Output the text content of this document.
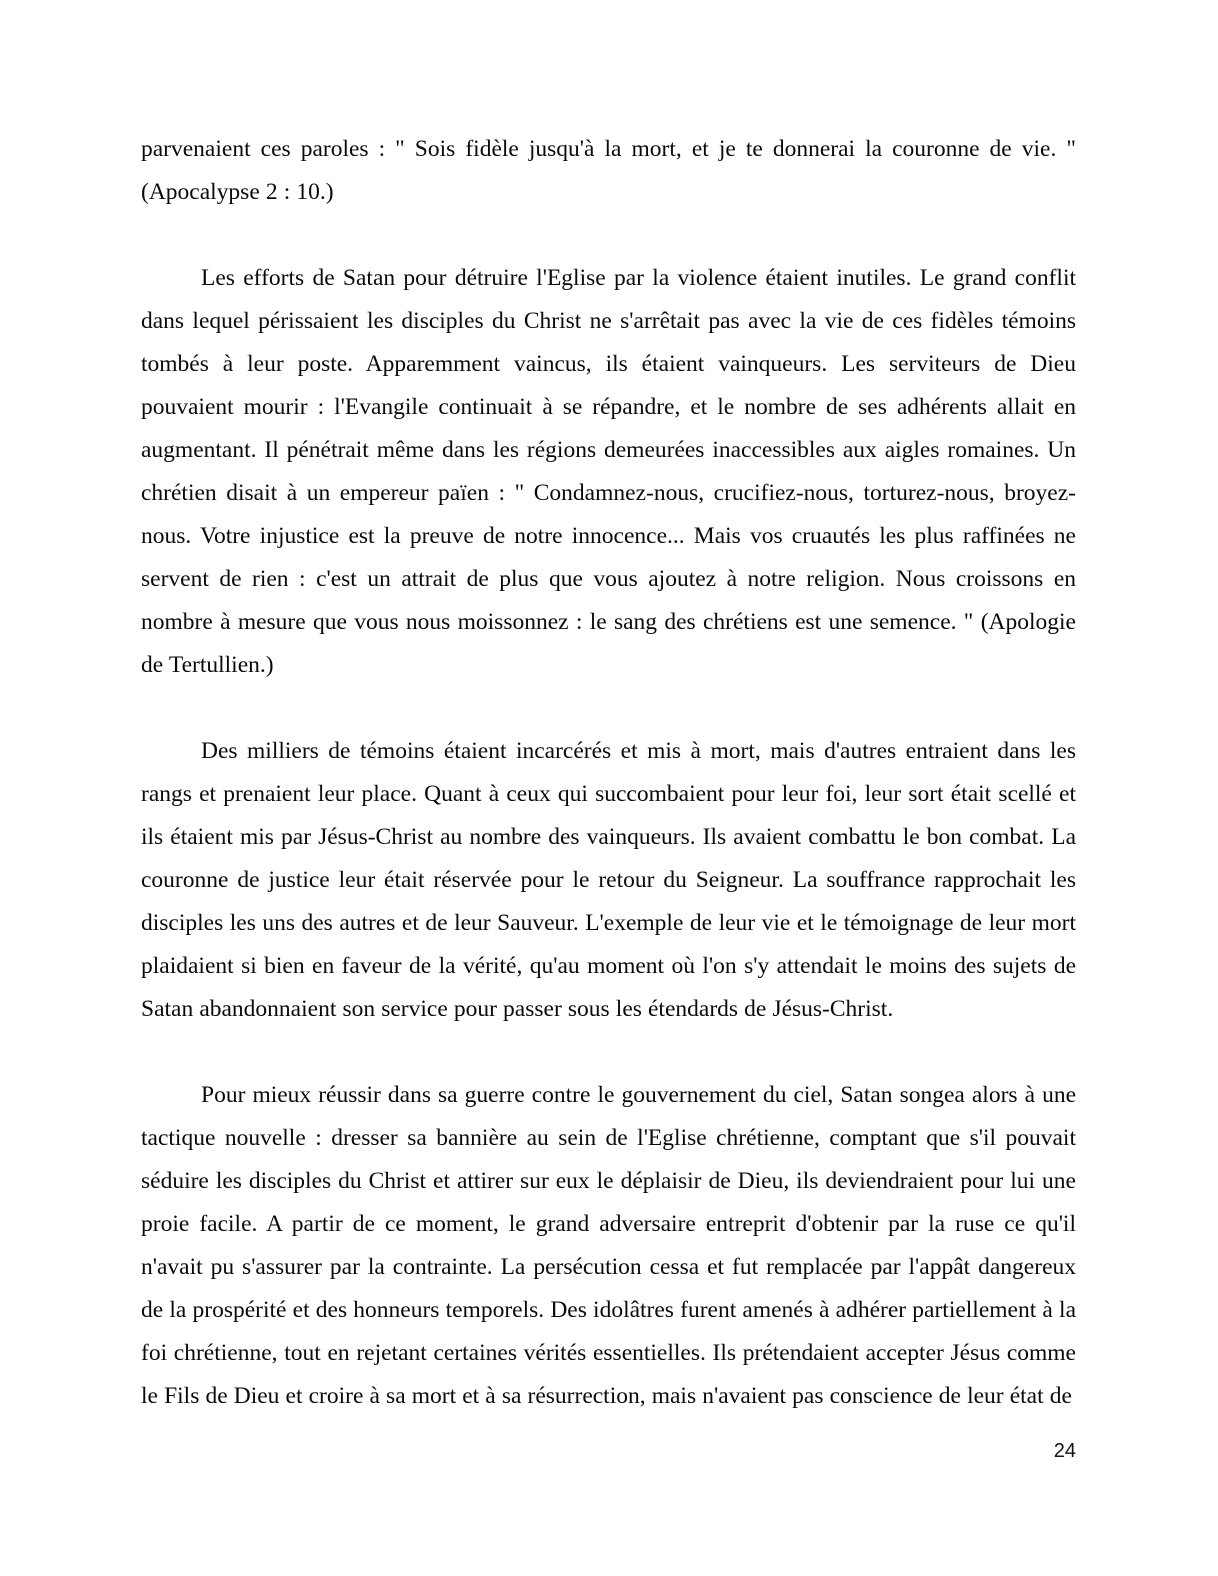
parvenaient ces paroles : " Sois fidèle jusqu'à la mort, et je te donnerai la couronne de vie. " (Apocalypse 2 : 10.)

Les efforts de Satan pour détruire l'Eglise par la violence étaient inutiles. Le grand conflit dans lequel périssaient les disciples du Christ ne s'arrêtait pas avec la vie de ces fidèles témoins tombés à leur poste. Apparemment vaincus, ils étaient vainqueurs. Les serviteurs de Dieu pouvaient mourir : l'Evangile continuait à se répandre, et le nombre de ses adhérents allait en augmentant. Il pénétrait même dans les régions demeurées inaccessibles aux aigles romaines. Un chrétien disait à un empereur païen : " Condamnez-nous, crucifiez-nous, torturez-nous, broyez-nous. Votre injustice est la preuve de notre innocence... Mais vos cruautés les plus raffinées ne servent de rien : c'est un attrait de plus que vous ajoutez à notre religion. Nous croissons en nombre à mesure que vous nous moissonnez : le sang des chrétiens est une semence. " (Apologie de Tertullien.)

Des milliers de témoins étaient incarcérés et mis à mort, mais d'autres entraient dans les rangs et prenaient leur place. Quant à ceux qui succombaient pour leur foi, leur sort était scellé et ils étaient mis par Jésus-Christ au nombre des vainqueurs. Ils avaient combattu le bon combat. La couronne de justice leur était réservée pour le retour du Seigneur. La souffrance rapprochait les disciples les uns des autres et de leur Sauveur. L'exemple de leur vie et le témoignage de leur mort plaidaient si bien en faveur de la vérité, qu'au moment où l'on s'y attendait le moins des sujets de Satan abandonnaient son service pour passer sous les étendards de Jésus-Christ.

Pour mieux réussir dans sa guerre contre le gouvernement du ciel, Satan songea alors à une tactique nouvelle : dresser sa bannière au sein de l'Eglise chrétienne, comptant que s'il pouvait séduire les disciples du Christ et attirer sur eux le déplaisir de Dieu, ils deviendraient pour lui une proie facile. A partir de ce moment, le grand adversaire entreprit d'obtenir par la ruse ce qu'il n'avait pu s'assurer par la contrainte. La persécution cessa et fut remplacée par l'appât dangereux de la prospérité et des honneurs temporels. Des idolâtres furent amenés à adhérer partiellement à la foi chrétienne, tout en rejetant certaines vérités essentielles. Ils prétendaient accepter Jésus comme le Fils de Dieu et croire à sa mort et à sa résurrection, mais n'avaient pas conscience de leur état de

24
